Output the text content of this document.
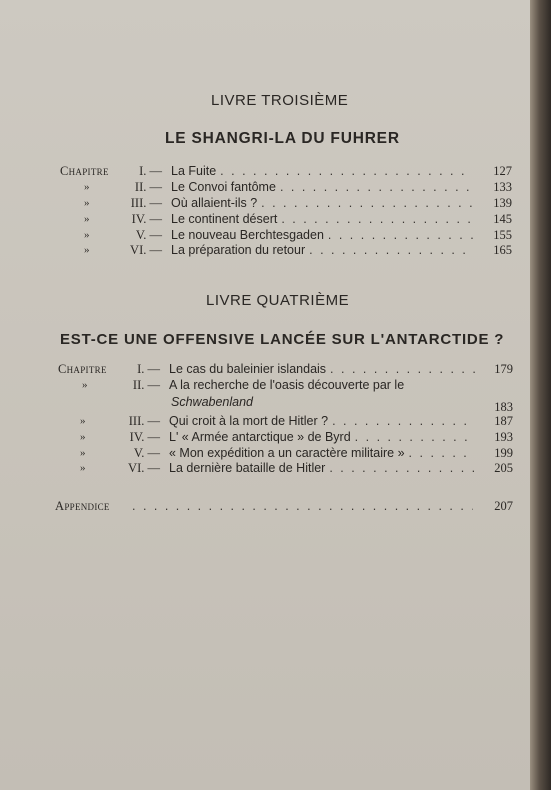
LIVRE TROISIÈME
LE SHANGRI-LA DU FUHRER
Chapitre	I. — La Fuite . . .	127
»	II. — Le Convoi fantôme . . .	133
»	III. — Où allaient-ils ? . . .	139
»	IV. — Le continent désert . . .	145
»	V. — Le nouveau Berchtesgaden . . .	155
»	VI. — La préparation du retour . . .	165
LIVRE QUATRIÈME
EST-CE UNE OFFENSIVE LANCÉE SUR L'ANTARCTIDE ?
Chapitre	I. — Le cas du baleinier islandais . . .	179
»	II. — A la recherche de l'oasis découverte par le
Schwabenland	183
»	III. — Qui croit à la mort de Hitler ? . . .	187
»	IV. — L' « Armée antarctique » de Byrd . . .	193
»	V. — « Mon expédition a un caractère militaire » . . .	199
»	VI. — La dernière bataille de Hitler . . .	205
Appendice . . .	207
